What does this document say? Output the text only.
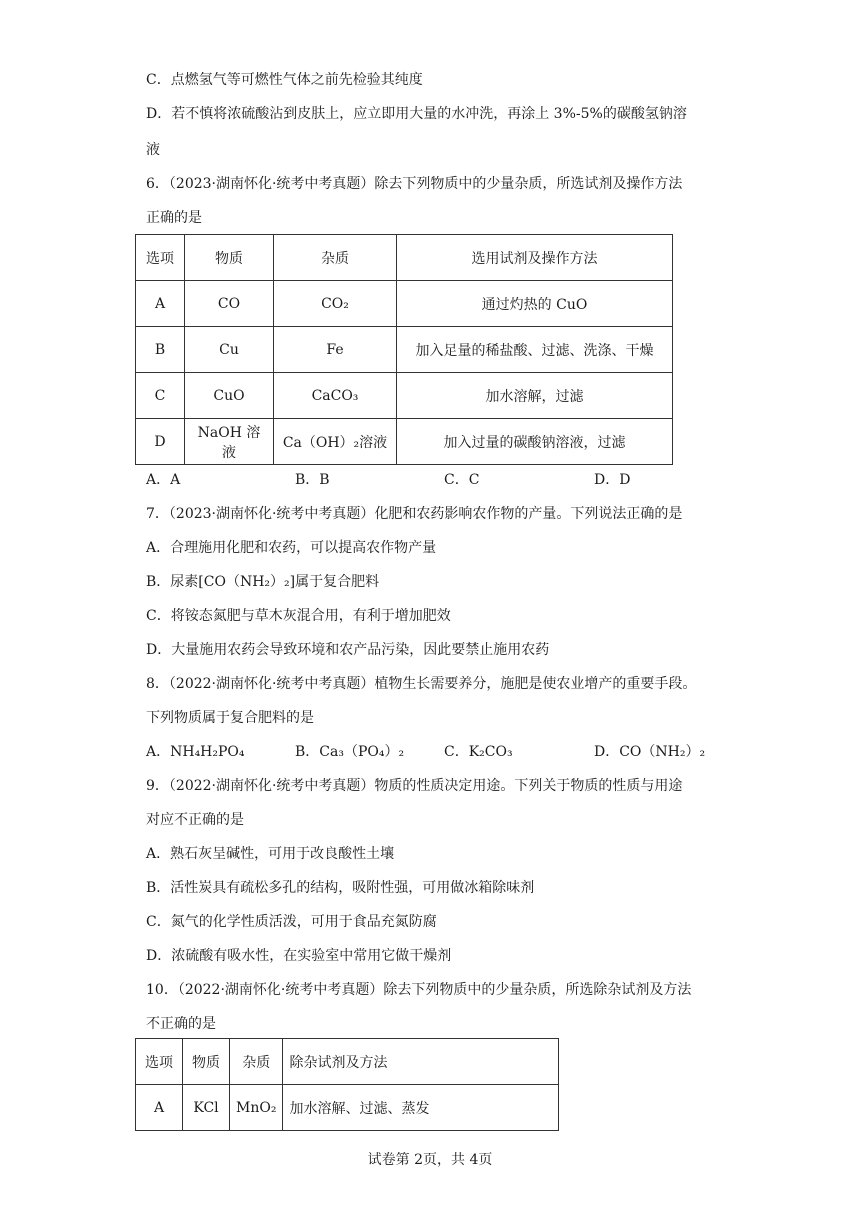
C．点燃氢气等可燃性气体之前先检验其纯度
D．若不慎将浓硫酸沾到皮肤上，应立即用大量的水冲洗，再涂上 3%-5%的碳酸氢钠溶
液
6．（2023·湖南怀化·统考中考真题）除去下列物质中的少量杂质，所选试剂及操作方法
正确的是
选项	物质	杂质	选用试剂及操作方法
A	CO	CO₂	通过灼热的 CuO
B	Cu	Fe	加入足量的稀盐酸、过滤、洗涤、干燥
C	CuO	CaCO₃	加水溶解，过滤
D	NaOH 溶液	Ca（OH）₂溶液	加入过量的碳酸钠溶液，过滤
A．A	B．B	C．C	D．D
7．（2023·湖南怀化·统考中考真题）化肥和农药影响农作物的产量。下列说法正确的是
A．合理施用化肥和农药，可以提高农作物产量
B．尿素[CO（NH₂）₂]属于复合肥料
C．将铵态氮肥与草木灰混合用，有利于增加肥效
D．大量施用农药会导致环境和农产品污染，因此要禁止施用农药
8．（2022·湖南怀化·统考中考真题）植物生长需要养分，施肥是使农业增产的重要手段。
下列物质属于复合肥料的是
A．NH₄H₂PO₄	B．Ca₃（PO₄）₂	C．K₂CO₃	D．CO（NH₂）₂
9．（2022·湖南怀化·统考中考真题）物质的性质决定用途。下列关于物质的性质与用途
对应不正确的是
A．熟石灰呈碱性，可用于改良酸性土壤
B．活性炭具有疏松多孔的结构，吸附性强，可用做冰箱除味剂
C．氮气的化学性质活泼，可用于食品充氮防腐
D．浓硫酸有吸水性，在实验室中常用它做干燥剂
10．（2022·湖南怀化·统考中考真题）除去下列物质中的少量杂质，所选除杂试剂及方法
不正确的是
选项	物质	杂质	除杂试剂及方法
A	KCl	MnO₂	加水溶解、过滤、蒸发
试卷第 2页，共 4页
